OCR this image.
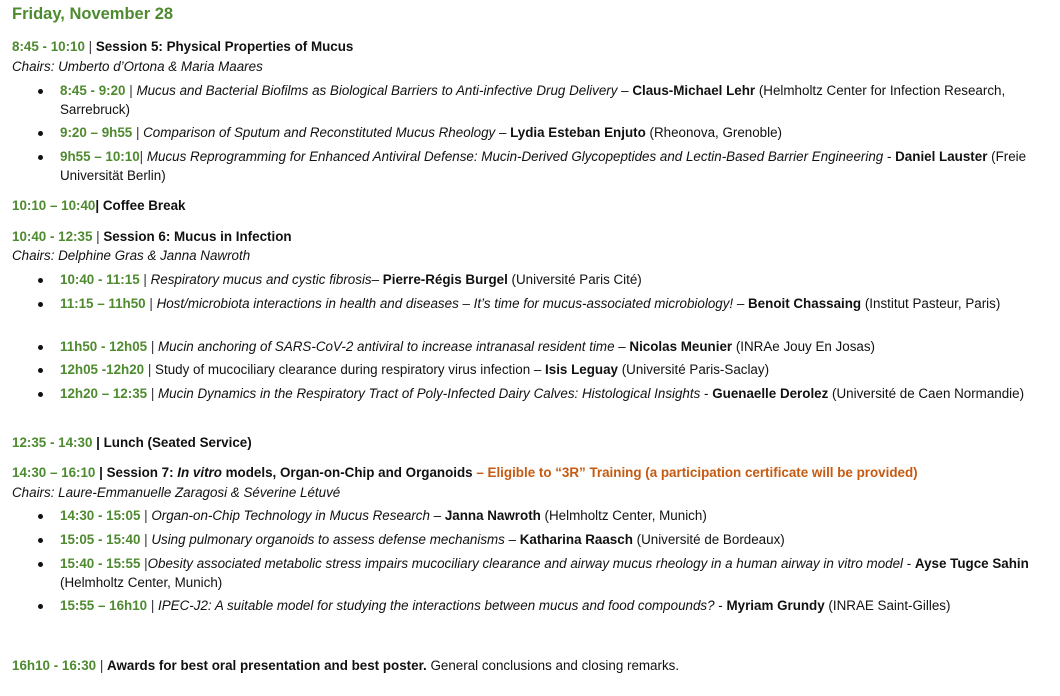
Friday, November 28
8:45 - 10:10 | Session 5: Physical Properties of Mucus
Chairs: Umberto d’Ortona & Maria Maares
8:45 - 9:20 | Mucus and Bacterial Biofilms as Biological Barriers to Anti-infective Drug Delivery – Claus-Michael Lehr (Helmholtz Center for Infection Research, Sarrebruck)
9:20 – 9h55 | Comparison of Sputum and Reconstituted Mucus Rheology – Lydia Esteban Enjuto (Rheonova, Grenoble)
9h55 – 10:10| Mucus Reprogramming for Enhanced Antiviral Defense: Mucin-Derived Glycopeptides and Lectin-Based Barrier Engineering - Daniel Lauster (Freie Universität Berlin)
10:10 – 10:40| Coffee Break
10:40 - 12:35 | Session 6: Mucus in Infection
Chairs: Delphine Gras & Janna Nawroth
10:40 - 11:15 | Respiratory mucus and cystic fibrosis– Pierre-Régis Burgel (Université Paris Cité)
11:15 – 11h50 | Host/microbiota interactions in health and diseases – It’s time for mucus-associated microbiology! – Benoit Chassaing (Institut Pasteur, Paris)
11h50 - 12h05 | Mucin anchoring of SARS-CoV-2 antiviral to increase intranasal resident time – Nicolas Meunier (INRAe Jouy En Josas)
12h05 -12h20 | Study of mucociliary clearance during respiratory virus infection – Isis Leguay (Université Paris-Saclay)
12h20 – 12:35 | Mucin Dynamics in the Respiratory Tract of Poly-Infected Dairy Calves: Histological Insights - Guenaelle Derolez (Université de Caen Normandie)
12:35 - 14:30 | Lunch (Seated Service)
14:30 – 16:10 | Session 7: In vitro models, Organ-on-Chip and Organoids – Eligible to “3R” Training (a participation certificate will be provided)
Chairs: Laure-Emmanuelle Zaragosi & Séverine Létuvé
14:30 - 15:05 | Organ-on-Chip Technology in Mucus Research – Janna Nawroth (Helmholtz Center, Munich)
15:05 - 15:40 | Using pulmonary organoids to assess defense mechanisms – Katharina Raasch (Université de Bordeaux)
15:40 - 15:55 |Obesity associated metabolic stress impairs mucociliary clearance and airway mucus rheology in a human airway in vitro model - Ayse Tugce Sahin (Helmholtz Center, Munich)
15:55 – 16h10 | IPEC-J2: A suitable model for studying the interactions between mucus and food compounds? - Myriam Grundy (INRAE Saint-Gilles)
16h10 - 16:30 | Awards for best oral presentation and best poster. General conclusions and closing remarks.
